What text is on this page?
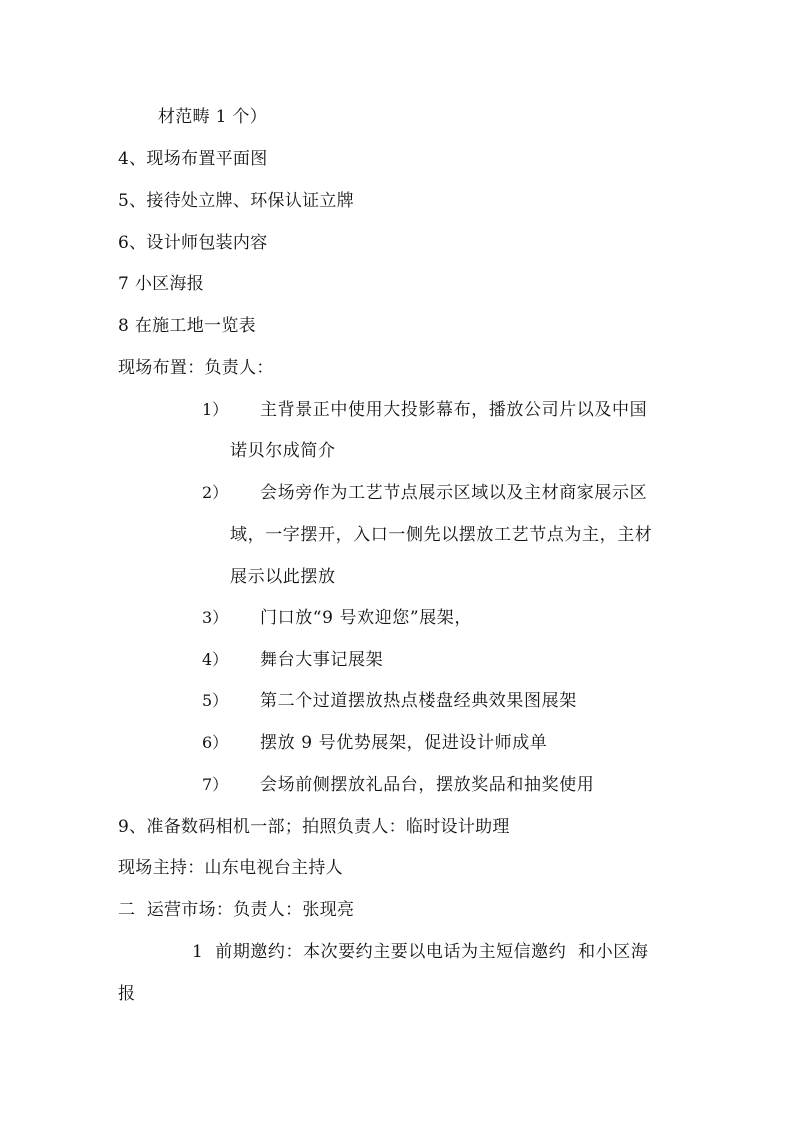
材范畴 1 个）
4、现场布置平面图
5、接待处立牌、环保认证立牌
6、设计师包装内容
7 小区海报
8 在施工地一览表
现场布置：负责人：
1） 主背景正中使用大投影幕布，播放公司片以及中国
诺贝尔成简介
2） 会场旁作为工艺节点展示区域以及主材商家展示区
域，一字摆开，入口一侧先以摆放工艺节点为主，主材
展示以此摆放
3） 门口放“9 号欢迎您”展架，
4） 舞台大事记展架
5） 第二个过道摆放热点楼盘经典效果图展架
6） 摆放 9 号优势展架，促进设计师成单
7） 会场前侧摆放礼品台，摆放奖品和抽奖使用
9、准备数码相机一部；拍照负责人：临时设计助理
现场主持：山东电视台主持人
二  运营市场：负责人：张现亮
1  前期邀约：本次要约主要以电话为主短信邀约  和小区海
报
